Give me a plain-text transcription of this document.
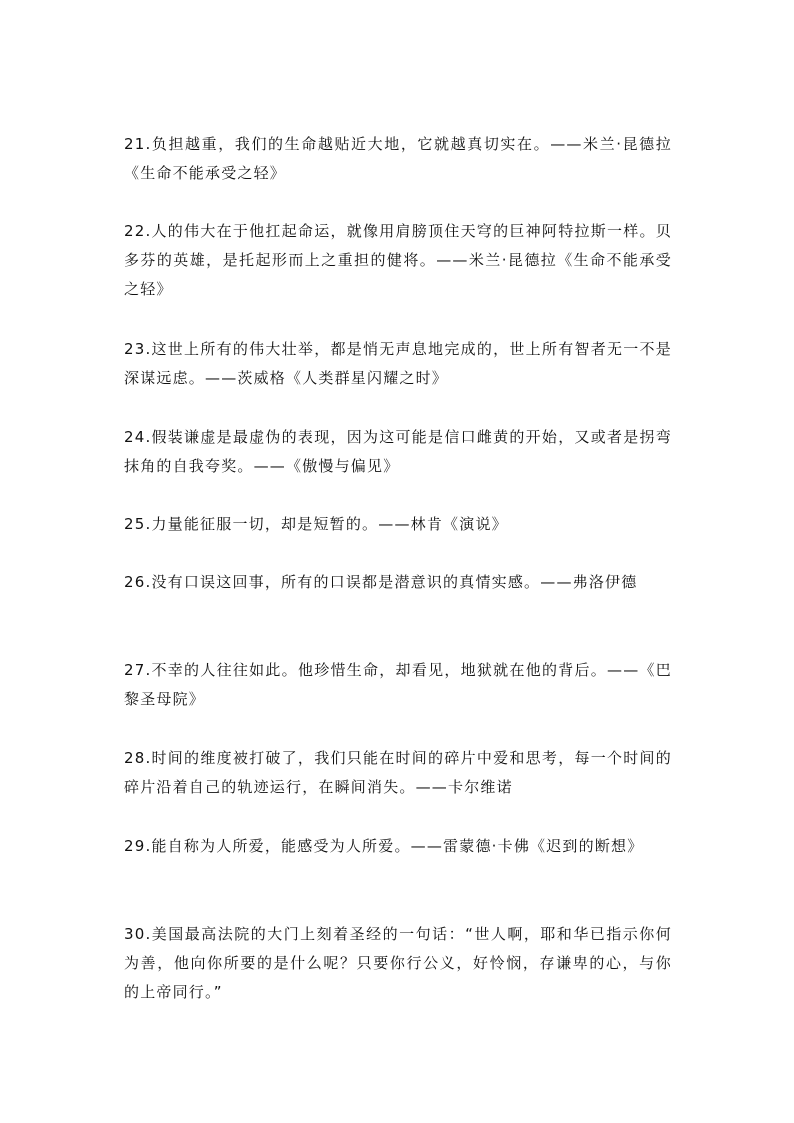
21.负担越重，我们的生命越贴近大地，它就越真切实在。——米兰·昆德拉《生命不能承受之轻》

22.人的伟大在于他扛起命运，就像用肩膀顶住天穹的巨神阿特拉斯一样。贝多芬的英雄，是托起形而上之重担的健将。——米兰·昆德拉《生命不能承受之轻》

23.这世上所有的伟大壮举，都是悄无声息地完成的，世上所有智者无一不是深谋远虑。——茨威格《人类群星闪耀之时》

24.假装谦虚是最虚伪的表现，因为这可能是信口雌黄的开始，又或者是拐弯抹角的自我夸奖。——《傲慢与偏见》

25.力量能征服一切，却是短暂的。——林肯《演说》

26.没有口误这回事，所有的口误都是潜意识的真情实感。——弗洛伊德

27.不幸的人往往如此。他珍惜生命，却看见，地狱就在他的背后。——《巴黎圣母院》

28.时间的维度被打破了，我们只能在时间的碎片中爱和思考，每一个时间的碎片沿着自己的轨迹运行，在瞬间消失。——卡尔维诺

29.能自称为人所爱，能感受为人所爱。——雷蒙德·卡佛《迟到的断想》

30.美国最高法院的大门上刻着圣经的一句话：“世人啊，耶和华已指示你何为善，他向你所要的是什么呢？只要你行公义，好怜悯，存谦卑的心，与你的上帝同行。”
